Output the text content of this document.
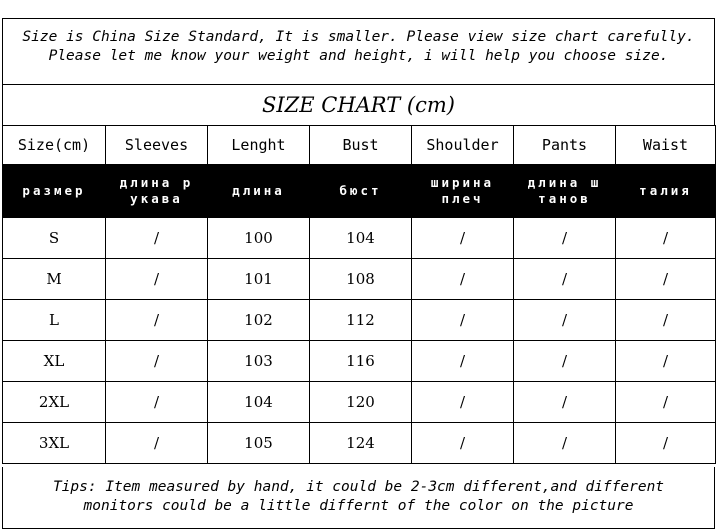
Size is China Size Standard, It is smaller. Please view size chart carefully.
Please let me know your weight and height, i will help you choose size.
SIZE CHART (cm)
Size(cm)	Sleeves	Lenght	Bust	Shoulder	Pants	Waist
размер	длина р укава	длина	бюст	ширина плеч	длина ш танов	талия
S	/	100	104	/	/	/
M	/	101	108	/	/	/
L	/	102	112	/	/	/
XL	/	103	116	/	/	/
2XL	/	104	120	/	/	/
3XL	/	105	124	/	/	/
Tips: Item measured by hand, it could be 2-3cm different,and different
monitors could be a little differnt of the color on the picture
